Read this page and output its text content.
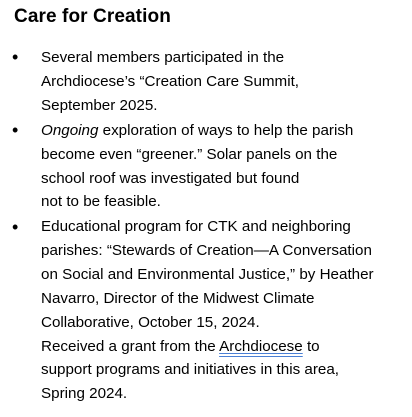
Care for Creation
• Several members participated in the
Archdiocese’s “Creation Care Summit,
September 2025.
• Ongoing exploration of ways to help the parish
become even “greener.” Solar panels on the
school roof was investigated but found
not to be feasible.
• Educational program for CTK and neighboring
parishes: “Stewards of Creation—A Conversation
on Social and Environmental Justice,” by Heather
Navarro, Director of the Midwest Climate
Collaborative, October 15, 2024.
Received a grant from the Archdiocese to
support programs and initiatives in this area,
Spring 2024.
